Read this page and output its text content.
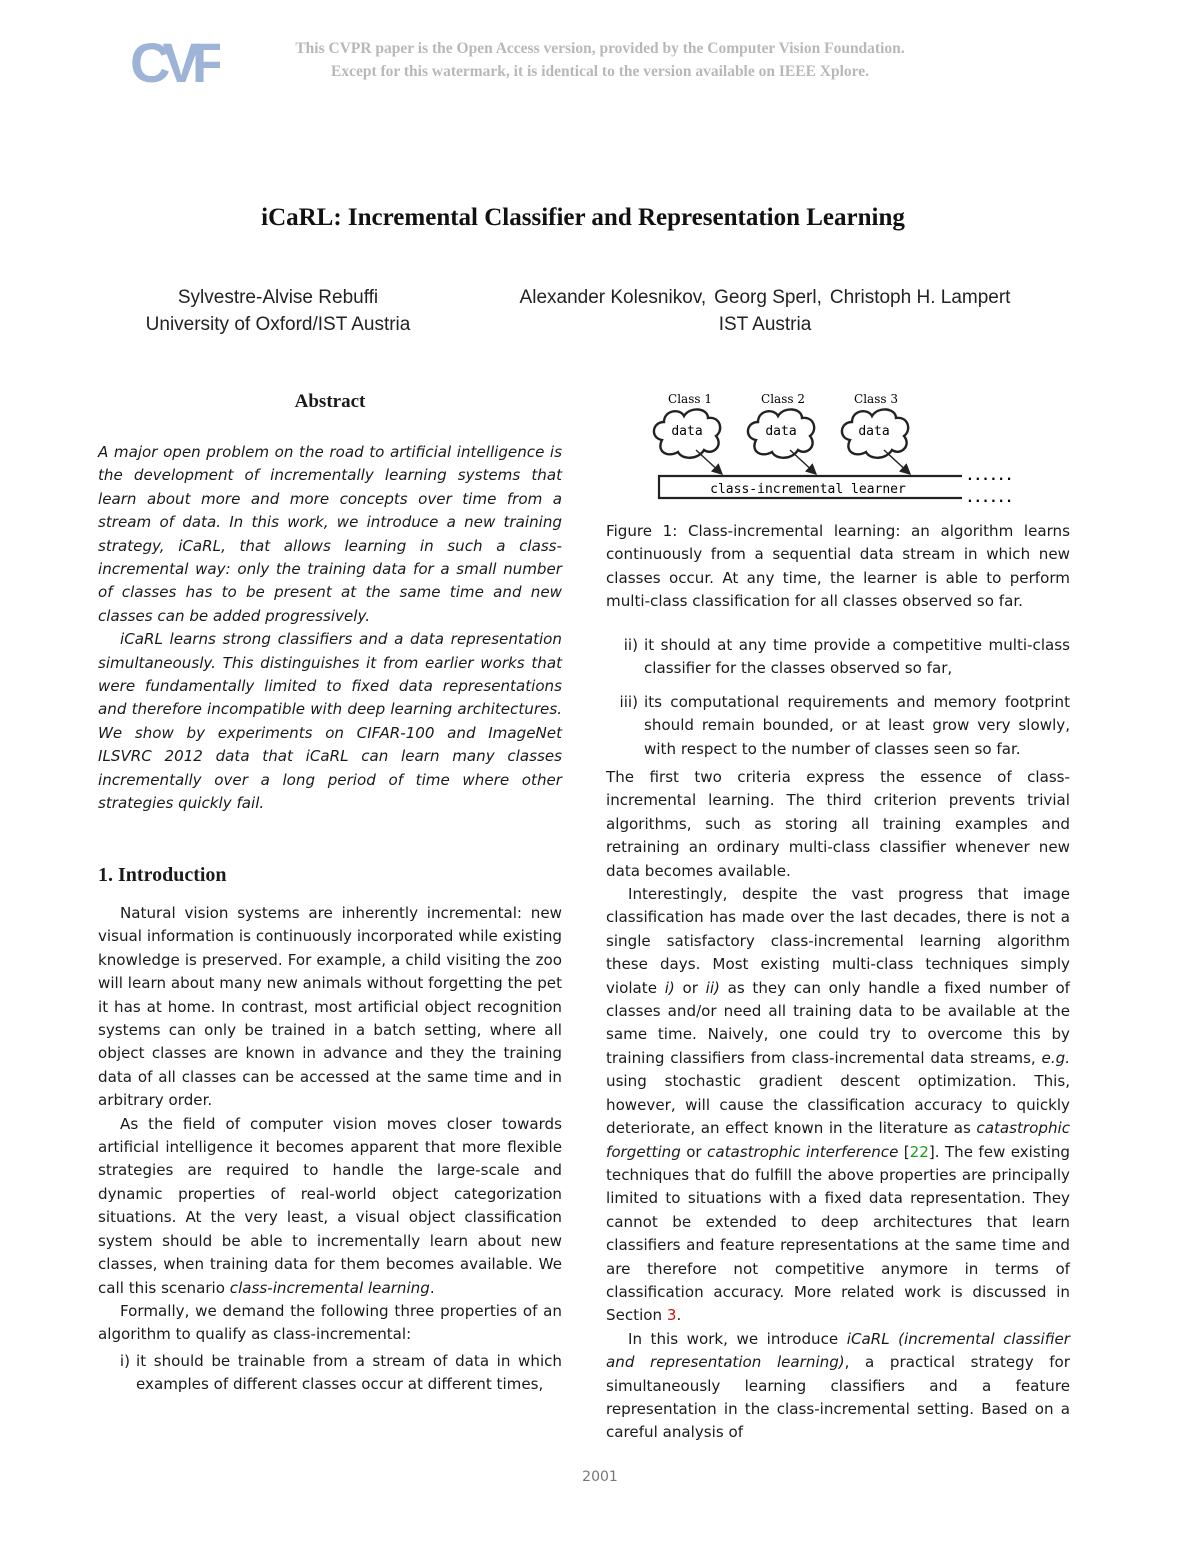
CVF	This CVPR paper is the Open Access version, provided by the Computer Vision Foundation.
Except for this watermark, it is identical to the version available on IEEE Xplore.
iCaRL: Incremental Classifier and Representation Learning
Sylvestre-Alvise Rebuffi
University of Oxford/IST Austria
Alexander Kolesnikov, Georg Sperl, Christoph H. Lampert
IST Austria
Abstract

A major open problem on the road to artificial intelligence is the development of incrementally learning systems that learn about more and more concepts over time from a stream of data. In this work, we introduce a new training strategy, iCaRL, that allows learning in such a class-incremental way: only the training data for a small number of classes has to be present at the same time and new classes can be added progressively.

iCaRL learns strong classifiers and a data representation simultaneously. This distinguishes it from earlier works that were fundamentally limited to fixed data representations and therefore incompatible with deep learning architectures. We show by experiments on CIFAR-100 and ImageNet ILSVRC 2012 data that iCaRL can learn many classes incrementally over a long period of time where other strategies quickly fail.

1. Introduction

Natural vision systems are inherently incremental: new visual information is continuously incorporated while existing knowledge is preserved. For example, a child visiting the zoo will learn about many new animals without forgetting the pet it has at home. In contrast, most artificial object recognition systems can only be trained in a batch setting, where all object classes are known in advance and they the training data of all classes can be accessed at the same time and in arbitrary order.

As the field of computer vision moves closer towards artificial intelligence it becomes apparent that more flexible strategies are required to handle the large-scale and dynamic properties of real-world object categorization situations. At the very least, a visual object classification system should be able to incrementally learn about new classes, when training data for them becomes available. We call this scenario class-incremental learning.

Formally, we demand the following three properties of an algorithm to qualify as class-incremental:

i) it should be trainable from a stream of data in which examples of different classes occur at different times,

Class 1
data
Class 2
data
Class 3
data
class-incremental learner
......
......

Figure 1: Class-incremental learning: an algorithm learns continuously from a sequential data stream in which new classes occur. At any time, the learner is able to perform multi-class classification for all classes observed so far.

ii) it should at any time provide a competitive multi-class classifier for the classes observed so far,

iii) its computational requirements and memory footprint should remain bounded, or at least grow very slowly, with respect to the number of classes seen so far.

The first two criteria express the essence of class-incremental learning. The third criterion prevents trivial algorithms, such as storing all training examples and retraining an ordinary multi-class classifier whenever new data becomes available.

Interestingly, despite the vast progress that image classification has made over the last decades, there is not a single satisfactory class-incremental learning algorithm these days. Most existing multi-class techniques simply violate i) or ii) as they can only handle a fixed number of classes and/or need all training data to be available at the same time. Naively, one could try to overcome this by training classifiers from class-incremental data streams, e.g. using stochastic gradient descent optimization. This, however, will cause the classification accuracy to quickly deteriorate, an effect known in the literature as catastrophic forgetting or catastrophic interference [22]. The few existing techniques that do fulfill the above properties are principally limited to situations with a fixed data representation. They cannot be extended to deep architectures that learn classifiers and feature representations at the same time and are therefore not competitive anymore in terms of classification accuracy. More related work is discussed in Section 3.

In this work, we introduce iCaRL (incremental classifier and representation learning), a practical strategy for simultaneously learning classifiers and a feature representation in the class-incremental setting. Based on a careful analysis of

2001
